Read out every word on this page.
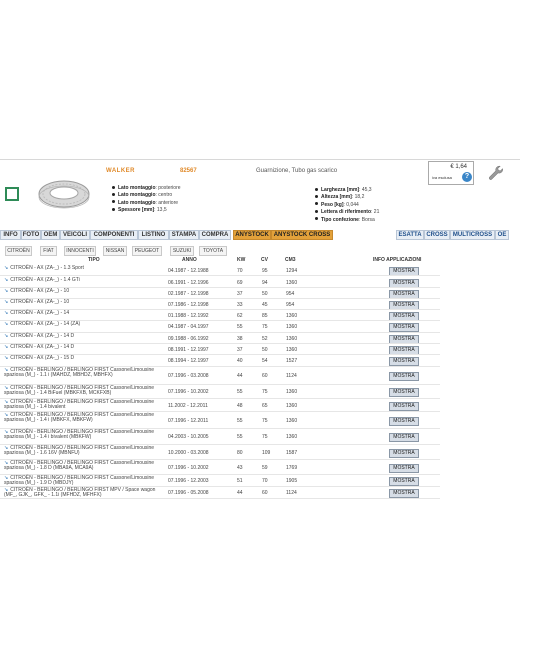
WALKER	82567	Guarnizione, Tubo gas scarico
€ 1,64
iva esclusa	?
Lato montaggio: posteriore
Lato montaggio: centro
Lato montaggio: anteriore
Spessore [mm]: 13,5
Larghezza [mm]: 45,3
Altezza [mm]: 18,2
Peso [kg]: 0,044
Lettera di riferimento: 21
Tipo confezione: Borsa
INFO FOTO OEM VEICOLI	COMPONENTI	LISTINO	STAMPA COMPRA	ANYSTOCK ANYSTOCK CROSS	ESATTA CROSS MULTICROSS OE
CITROËN	FIAT	INNOCENTI	NISSAN	PEUGEOT	SUZUKI	TOYOTA
TIPO	ANNO	KW	CV	CM3	INFO APPLICAZIONI
↘ CITROËN - AX (ZA-_) - 1.3 Sport	04.1987 - 12.1988	70	95	1294	MOSTRA
↘ CITROËN - AX (ZA-_) - 1.4 GTi	06.1991 - 12.1996	69	94	1360	MOSTRA
↘ CITROËN - AX (ZA-_) - 10	02.1987 - 12.1998	37	50	954	MOSTRA
↘ CITROËN - AX (ZA-_) - 10	07.1986 - 12.1998	33	45	954	MOSTRA
↘ CITROËN - AX (ZA-_) - 14	01.1988 - 12.1992	62	85	1360	MOSTRA
↘ CITROËN - AX (ZA-_) - 14 (ZA)	04.1987 - 04.1997	55	75	1360	MOSTRA
↘ CITROËN - AX (ZA-_) - 14 D	09.1988 - 06.1992	38	52	1360	MOSTRA
↘ CITROËN - AX (ZA-_) - 14 D	08.1991 - 12.1997	37	50	1360	MOSTRA
↘ CITROËN - AX (ZA-_) - 15 D	08.1994 - 12.1997	40	54	1527	MOSTRA
↘ CITROËN - BERLINGO / BERLINGO FIRST Cassone/Limousine spaziosa (M_) - 1.1 i (MAHDZ, MBHDZ, MBHFX)	07.1996 - 03.2008	44	60	1124	MOSTRA
↘ CITROËN - BERLINGO / BERLINGO FIRST Cassone/Limousine spaziosa (M_) - 1.4 BiFuel (MBKFXB, MCKFXB)	07.1996 - 10.2002	55	75	1360	MOSTRA
↘ CITROËN - BERLINGO / BERLINGO FIRST Cassone/Limousine spaziosa (M_) - 1.4 bivalent	11.2002 - 12.2011	48	65	1360	MOSTRA
↘ CITROËN - BERLINGO / BERLINGO FIRST Cassone/Limousine spaziosa (M_) - 1.4 i (MBKFX, MBKFW)	07.1996 - 12.2011	55	75	1360	MOSTRA
↘ CITROËN - BERLINGO / BERLINGO FIRST Cassone/Limousine spaziosa (M_) - 1.4 i bivalent (MBKFW)	04.2003 - 10.2005	55	75	1360	MOSTRA
↘ CITROËN - BERLINGO / BERLINGO FIRST Cassone/Limousine spaziosa (M_) - 1.6 16V (MBNFU)	10.2000 - 03.2008	80	109	1587	MOSTRA
↘ CITROËN - BERLINGO / BERLINGO FIRST Cassone/Limousine spaziosa (M_) - 1.8 D (MBA9A, MCA9A)	07.1996 - 10.2002	43	59	1769	MOSTRA
↘ CITROËN - BERLINGO / BERLINGO FIRST Cassone/Limousine spaziosa (M_) - 1.9 D (MBDJY)	07.1996 - 12.2003	51	70	1905	MOSTRA
↘ CITROËN - BERLINGO / BERLINGO FIRST MPV / Space wagon (MF_, GJK_, GFK_ - 1.1i (MFHDZ, MFHFX)	07.1996 - 05.2008	44	60	1124	MOSTRA
